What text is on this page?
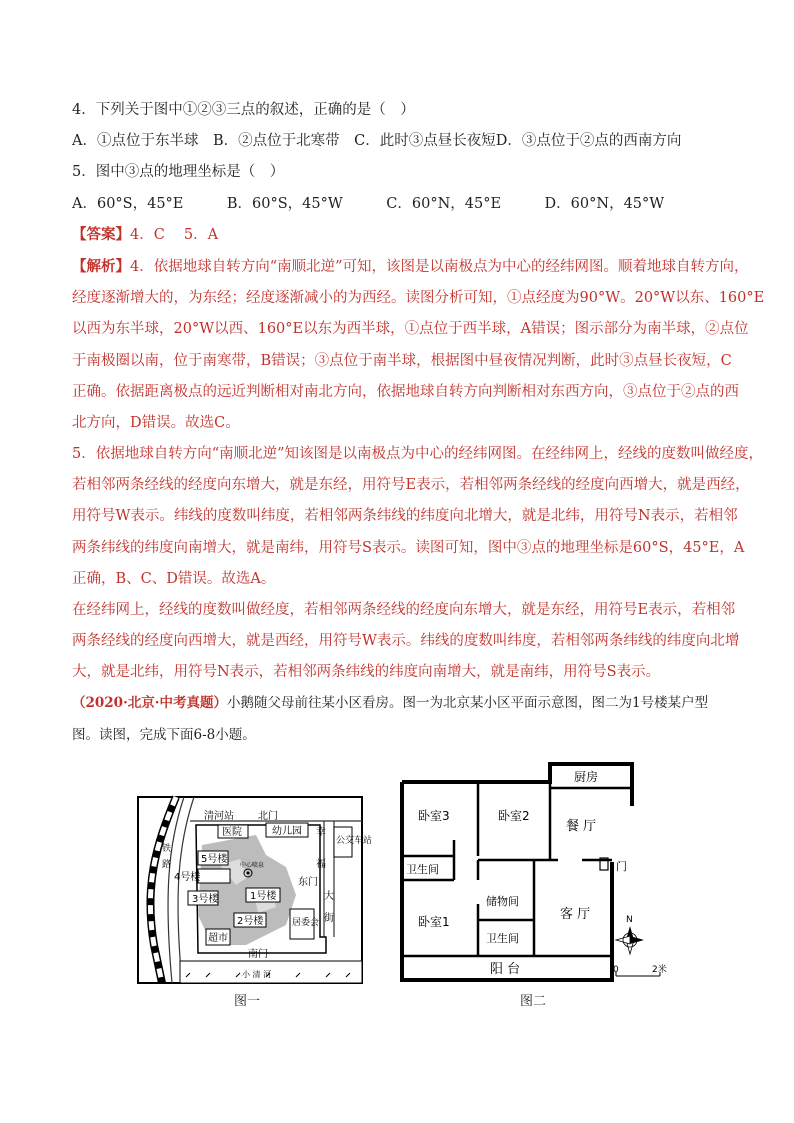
4．下列关于图中①②③三点的叙述，正确的是（　）
A．①点位于东半球　B．②点位于北寒带　C．此时③点昼长夜短D．③点位于②点的西南方向
5．图中③点的地理坐标是（　）
A．60°S，45°E　　　B．60°S，45°W　　　C．60°N，45°E　　　D．60°N，45°W
【答案】4．C　 5．A
【解析】4．依据地球自转方向“南顺北逆”可知，该图是以南极点为中心的经纬网图。顺着地球自转方向，
经度逐渐增大的，为东经；经度逐渐减小的为西经。读图分析可知，①点经度为90°W。20°W以东、160°E
以西为东半球，20°W以西、160°E以东为西半球，①点位于西半球，A错误；图示部分为南半球，②点位
于南极圈以南，位于南寒带，B错误；③点位于南半球，根据图中昼夜情况判断，此时③点昼长夜短，C
正确。依据距离极点的远近判断相对南北方向，依据地球自转方向判断相对东西方向，③点位于②点的西
北方向，D错误。故选C。
5．依据地球自转方向“南顺北逆”知该图是以南极点为中心的经纬网图。在经纬网上，经线的度数叫做经度，
若相邻两条经线的经度向东增大，就是东经，用符号E表示，若相邻两条经线的经度向西增大，就是西经，
用符号W表示。纬线的度数叫纬度，若相邻两条纬线的纬度向北增大，就是北纬，用符号N表示，若相邻
两条纬线的纬度向南增大，就是南纬，用符号S表示。读图可知，图中③点的地理坐标是60°S，45°E，A
正确，B、C、D错误。故选A。
在经纬网上，经线的度数叫做经度，若相邻两条经线的经度向东增大，就是东经，用符号E表示，若相邻
两条经线的经度向西增大，就是西经，用符号W表示。纬线的度数叫纬度，若相邻两条纬线的纬度向北增
大，就是北纬，用符号N表示，若相邻两条纬线的纬度向南增大，就是南纬，用符号S表示。
（2020·北京·中考真题）小鹅随父母前往某小区看房。图一为北京某小区平面示意图，图二为1号楼某户型
图。读图，完成下面6-8小题。
清河站 北门
医院	幼儿园 幸
公交车站
铁
路	5号楼
4号楼
中心喷泉
1号楼
3号楼
2号楼
福
东门
大
街
居委会
超市
南门
小 清 河
图一
厨房
卧室3	卧室2
餐 厅
卫生间	门
储物间
卧室1	客 厅
卫生间
阳 台
N
0	2米
图二
